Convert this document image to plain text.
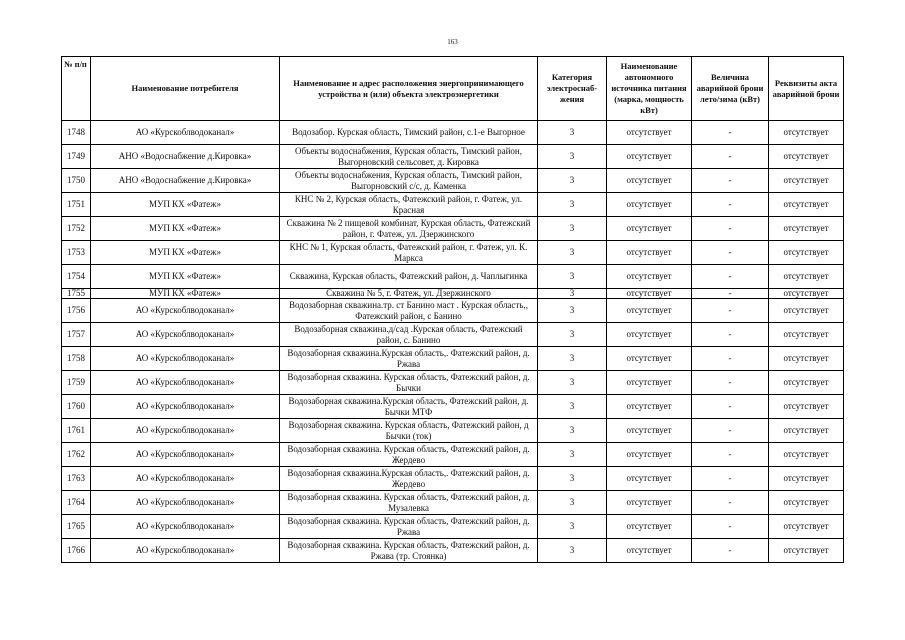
163
№ п/п	Наименование потребителя	Наименование и адрес расположения энергопринимающего устройства и (или) объекта электроэнергетики	Категория электроснаб-жения	Наименование автономного источника питания (марка, мощность кВт)	Величина аварийной брони лето/зима (кВт)	Реквизиты акта аварийной брони
1748	АО «Курскоблводоканал»	Водозабор. Курская область, Тимский район, с.1-е Выгорное	3	отсутствует	-	отсутствует
1749	АНО «Водоснабжение д.Кировка»	Объекты водоснабжения, Курская область, Тимский район, Выгорновский сельсовет, д. Кировка	3	отсутствует	-	отсутствует
1750	АНО «Водоснабжение д.Кировка»	Объекты водоснабжения, Курская область, Тимский район, Выгорновский с/с, д. Каменка	3	отсутствует	-	отсутствует
1751	МУП КХ «Фатеж»	КНС № 2, Курская область, Фатежский район, г. Фатеж, ул. Красная	3	отсутствует	-	отсутствует
1752	МУП КХ «Фатеж»	Скважина № 2 пищевой комбинат, Курская область, Фатежский район, г. Фатеж, ул. Дзержинского	3	отсутствует	-	отсутствует
1753	МУП КХ «Фатеж»	КНС № 1, Курская область, Фатежский район, г. Фатеж, ул. К. Маркса	3	отсутствует	-	отсутствует
1754	МУП КХ «Фатеж»	Скважина, Курская область, Фатежский район, д. Чаплыгинка	3	отсутствует	-	отсутствует
1755	МУП КХ «Фатеж»	Скважина № 5, г. Фатеж, ул. Дзержинского	3	отсутствует	-	отсутствует
1756	АО «Курскоблводоканал»	Водозаборная скважина.тр. ст Банино маст . Курская область,, Фатежский район, с Банино	3	отсутствует	-	отсутствует
1757	АО «Курскоблводоканал»	Водозаборная скважина.д/сад .Курская область, Фатежский район, с. Банино	3	отсутствует	-	отсутствует
1758	АО «Курскоблводоканал»	Водозаборная скважина.Курская область,. Фатежский район, д. Ржава	3	отсутствует	-	отсутствует
1759	АО «Курскоблводоканал»	Водозаборная скважина. Курская область, Фатежский район, д. Бычки	3	отсутствует	-	отсутствует
1760	АО «Курскоблводоканал»	Водозаборная скважина.Курская область, Фатежский район, д. Бычки МТФ	3	отсутствует	-	отсутствует
1761	АО «Курскоблводоканал»	Водозаборная скважина. Курская область, Фатежский район, д Бычки (ток)	3	отсутствует	-	отсутствует
1762	АО «Курскоблводоканал»	Водозаборная скважина. Курская область, Фатежский район, д. Жердево	3	отсутствует	-	отсутствует
1763	АО «Курскоблводоканал»	Водозаборная скважина.Курская область,. Фатежский район, д. Жердево	3	отсутствует	-	отсутствует
1764	АО «Курскоблводоканал»	Водозаборная скважина. Курская область, Фатежский район, д. Музалевка	3	отсутствует	-	отсутствует
1765	АО «Курскоблводоканал»	Водозаборная скважина. Курская область, Фатежский район, д. Ржава	3	отсутствует	-	отсутствует
1766	АО «Курскоблводоканал»	Водозаборная скважина. Курская область, Фатежский район, д. Ржава (тр. Стоянка)	3	отсутствует	-	отсутствует
